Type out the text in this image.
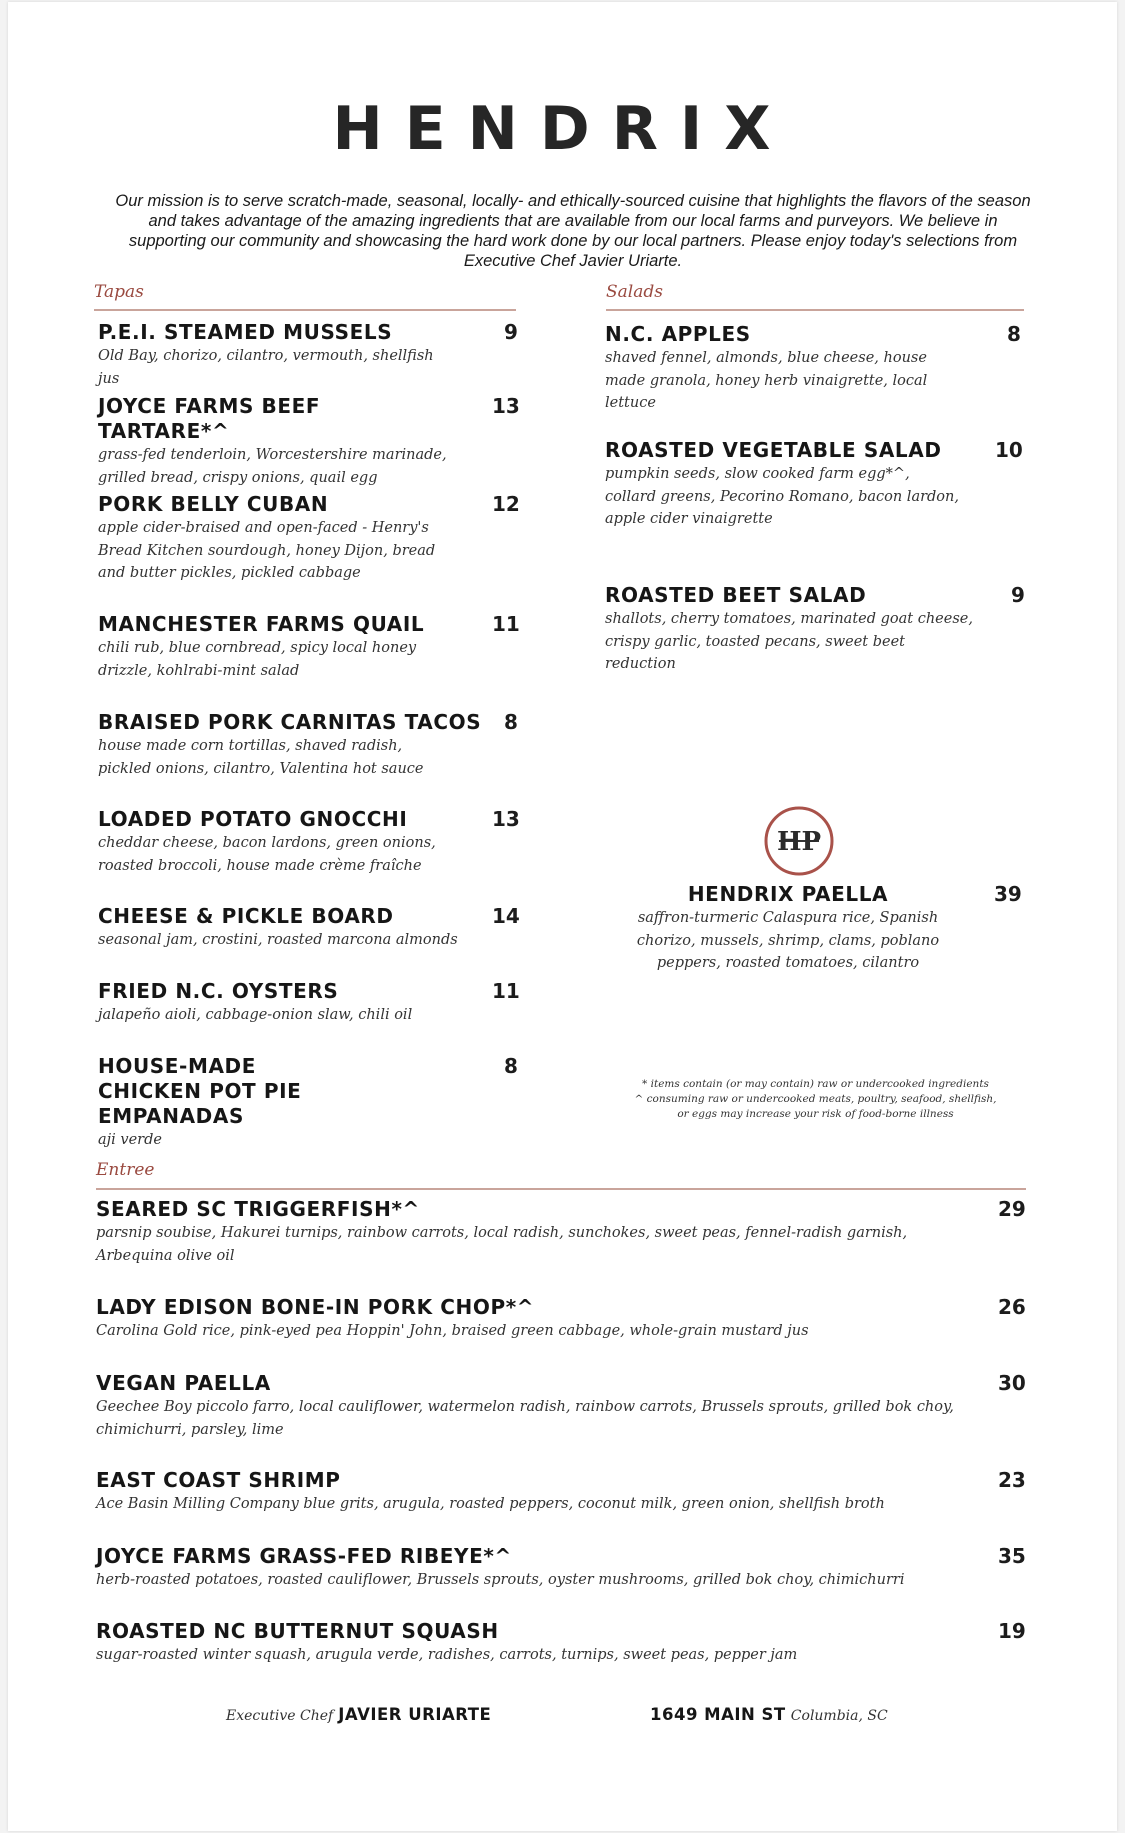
HENDRIX
Our mission is to serve scratch-made, seasonal, locally- and ethically-sourced cuisine that highlights the flavors of the season and takes advantage of the amazing ingredients that are available from our local farms and purveyors. We believe in supporting our community and showcasing the hard work done by our local partners. Please enjoy today's selections from Executive Chef Javier Uriarte.
Tapas
P.E.I. STEAMED MUSSELS
Old Bay, chorizo, cilantro, vermouth, shellfish jus
9
JOYCE FARMS BEEF TARTARE*^
grass-fed tenderloin, Worcestershire marinade, grilled bread, crispy onions, quail egg
13
PORK BELLY CUBAN
apple cider-braised and open-faced - Henry's Bread Kitchen sourdough, honey Dijon, bread and butter pickles, pickled cabbage
12
MANCHESTER FARMS QUAIL
chili rub, blue cornbread, spicy local honey drizzle, kohlrabi-mint salad
11
BRAISED PORK CARNITAS TACOS
house made corn tortillas, shaved radish, pickled onions, cilantro, Valentina hot sauce
8
LOADED POTATO GNOCCHI
cheddar cheese, bacon lardons, green onions, roasted broccoli, house made crème fraîche
13
CHEESE & PICKLE BOARD
seasonal jam, crostini, roasted marcona almonds
14
FRIED N.C. OYSTERS
jalapeño aioli, cabbage-onion slaw, chili oil
11
HOUSE-MADE CHICKEN POT PIE EMPANADAS
aji verde
8
Salads
N.C. APPLES
shaved fennel, almonds, blue cheese, house made granola, honey herb vinaigrette, local lettuce
8
ROASTED VEGETABLE SALAD
pumpkin seeds, slow cooked farm egg*^, collard greens, Pecorino Romano, bacon lardon, apple cider vinaigrette
10
ROASTED BEET SALAD
shallots, cherry tomatoes, marinated goat cheese, crispy garlic, toasted pecans, sweet beet reduction
9
HP
HENDRIX PAELLA
saffron-turmeric Calaspura rice, Spanish chorizo, mussels, shrimp, clams, poblano peppers, roasted tomatoes, cilantro
39
* items contain (or may contain) raw or undercooked ingredients
^ consuming raw or undercooked meats, poultry, seafood, shellfish, or eggs may increase your risk of food-borne illness
Entree
SEARED SC TRIGGERFISH*^
parsnip soubise, Hakurei turnips, rainbow carrots, local radish, sunchokes, sweet peas, fennel-radish garnish, Arbequina olive oil
29
LADY EDISON BONE-IN PORK CHOP*^
Carolina Gold rice, pink-eyed pea Hoppin' John, braised green cabbage, whole-grain mustard jus
26
VEGAN PAELLA
Geechee Boy piccolo farro, local cauliflower, watermelon radish, rainbow carrots, Brussels sprouts, grilled bok choy, chimichurri, parsley, lime
30
EAST COAST SHRIMP
Ace Basin Milling Company blue grits, arugula, roasted peppers, coconut milk, green onion, shellfish broth
23
JOYCE FARMS GRASS-FED RIBEYE*^
herb-roasted potatoes, roasted cauliflower, Brussels sprouts, oyster mushrooms, grilled bok choy, chimichurri
35
ROASTED NC BUTTERNUT SQUASH
sugar-roasted winter squash, arugula verde, radishes, carrots, turnips, sweet peas, pepper jam
19
Executive Chef JAVIER URIARTE	1649 MAIN ST Columbia, SC
